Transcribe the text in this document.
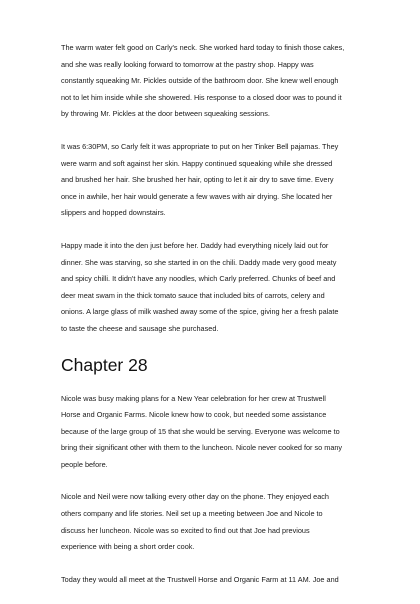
The warm water felt good on Carly's neck. She worked hard today to finish those cakes,
and she was really looking forward to tomorrow at the pastry shop. Happy was
constantly squeaking Mr. Pickles outside of the bathroom door. She knew well enough
not to let him inside while she showered. His response to a closed door was to pound it
by throwing Mr. Pickles at the door between squeaking sessions.

It was 6:30PM, so Carly felt it was appropriate to put on her Tinker Bell pajamas. They
were warm and soft against her skin. Happy continued squeaking while she dressed
and brushed her hair. She brushed her hair, opting to let it air dry to save time. Every
once in awhile, her hair would generate a few waves with air drying. She located her
slippers and hopped downstairs.

Happy made it into the den just before her. Daddy had everything nicely laid out for
dinner. She was starving, so she started in on the chili. Daddy made very good meaty
and spicy chilli. It didn't have any noodles, which Carly preferred. Chunks of beef and
deer meat swam in the thick tomato sauce that included bits of carrots, celery and
onions. A large glass of milk washed away some of the spice, giving her a fresh palate
to taste the cheese and sausage she purchased.

Chapter 28

Nicole was busy making plans for a New Year celebration for her crew at Trustwell
Horse and Organic Farms. Nicole knew how to cook, but needed some assistance
because of the large group of 15 that she would be serving. Everyone was welcome to
bring their significant other with them to the luncheon. Nicole never cooked for so many
people before.

Nicole and Neil were now talking every other day on the phone. They enjoyed each
others company and life stories. Neil set up a meeting between Joe and Nicole to
discuss her luncheon. Nicole was so excited to find out that Joe had previous
experience with being a short order cook.

Today they would all meet at the Trustwell Horse and Organic Farm at 11 AM. Joe and
